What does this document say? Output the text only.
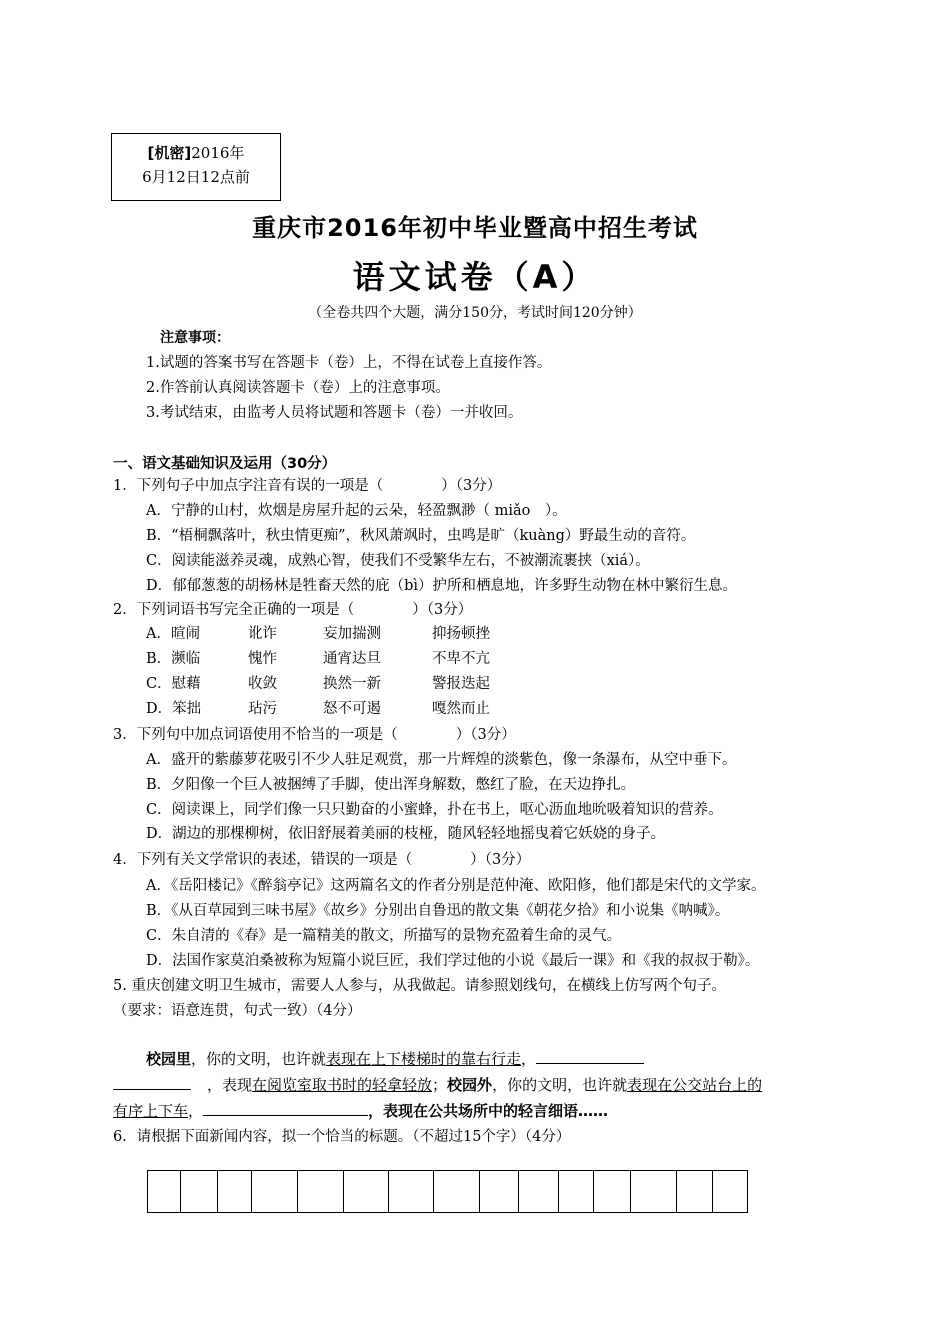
[机密]2016年
6月12日12点前
重庆市2016年初中毕业暨高中招生考试
语文试卷（A）
（全卷共四个大题，满分150分，考试时间120分钟）
注意事项：
1.试题的答案书写在答题卡（卷）上，不得在试卷上直接作答。
2.作答前认真阅读答题卡（卷）上的注意事项。
3.考试结束，由监考人员将试题和答题卡（卷）一并收回。
一、语文基础知识及运用（30分）
1．下列句子中加点字注音有误的一项是（　　　　）（3分）
A．宁静的山村，炊烟是房屋升起的云朵，轻盈飘渺（ miǎo　）。
B．“梧桐飘落叶，秋虫情更痴”，秋风萧飒时，虫鸣是旷（kuàng）野最生动的音符。
C．阅读能滋养灵魂，成熟心智，使我们不受繁华左右，不被潮流裹挟（xiá）。
D．郁郁葱葱的胡杨林是牲畜天然的庇（bì）护所和栖息地，许多野生动物在林中繁衍生息。
2．下列词语书写完全正确的一项是（　　　　）（3分）
A．暄闹	讹诈	妄加揣测	抑扬顿挫
B．濒临	愧怍	通宵达旦	不卑不亢
C．慰藉	收敛	换然一新	警报迭起
D．笨拙	玷污	怒不可遏	嘎然而止
3．下列句中加点词语使用不恰当的一项是（　　　　）（3分）
A．盛开的紫藤萝花吸引不少人驻足观赏，那一片辉煌的淡紫色，像一条瀑布，从空中垂下。
B．夕阳像一个巨人被捆缚了手脚，使出浑身解数，憋红了脸，在天边挣扎。
C．阅读课上，同学们像一只只勤奋的小蜜蜂，扑在书上，呕心沥血地吮吸着知识的营养。
D．湖边的那棵柳树，依旧舒展着美丽的枝桠，随风轻轻地摇曳着它妖娆的身子。
4．下列有关文学常识的表述，错误的一项是（　　　　）（3分）
A．《岳阳楼记》《醉翁亭记》这两篇名文的作者分别是范仲淹、欧阳修，他们都是宋代的文学家。
B．《从百草园到三味书屋》《故乡》分别出自鲁迅的散文集《朝花夕拾》和小说集《呐喊》。
C．朱自清的《春》是一篇精美的散文，所描写的景物充盈着生命的灵气。
D．法国作家莫泊桑被称为短篇小说巨匠，我们学过他的小说《最后一课》和《我的叔叔于勒》。
5. 重庆创建文明卫生城市，需要人人参与，从我做起。请参照划线句，在横线上仿写两个句子。
（要求：语意连贯，句式一致）（4分）
校园里，你的文明，也许就表现在上下楼梯时的靠右行走，
，表现在阅览室取书时的轻拿轻放；校园外，你的文明，也许就表现在公交站台上的
有序上下车，	，表现在公共场所中的轻言细语……
6．请根据下面新闻内容，拟一个恰当的标题。（不超过15个字）（4分）
